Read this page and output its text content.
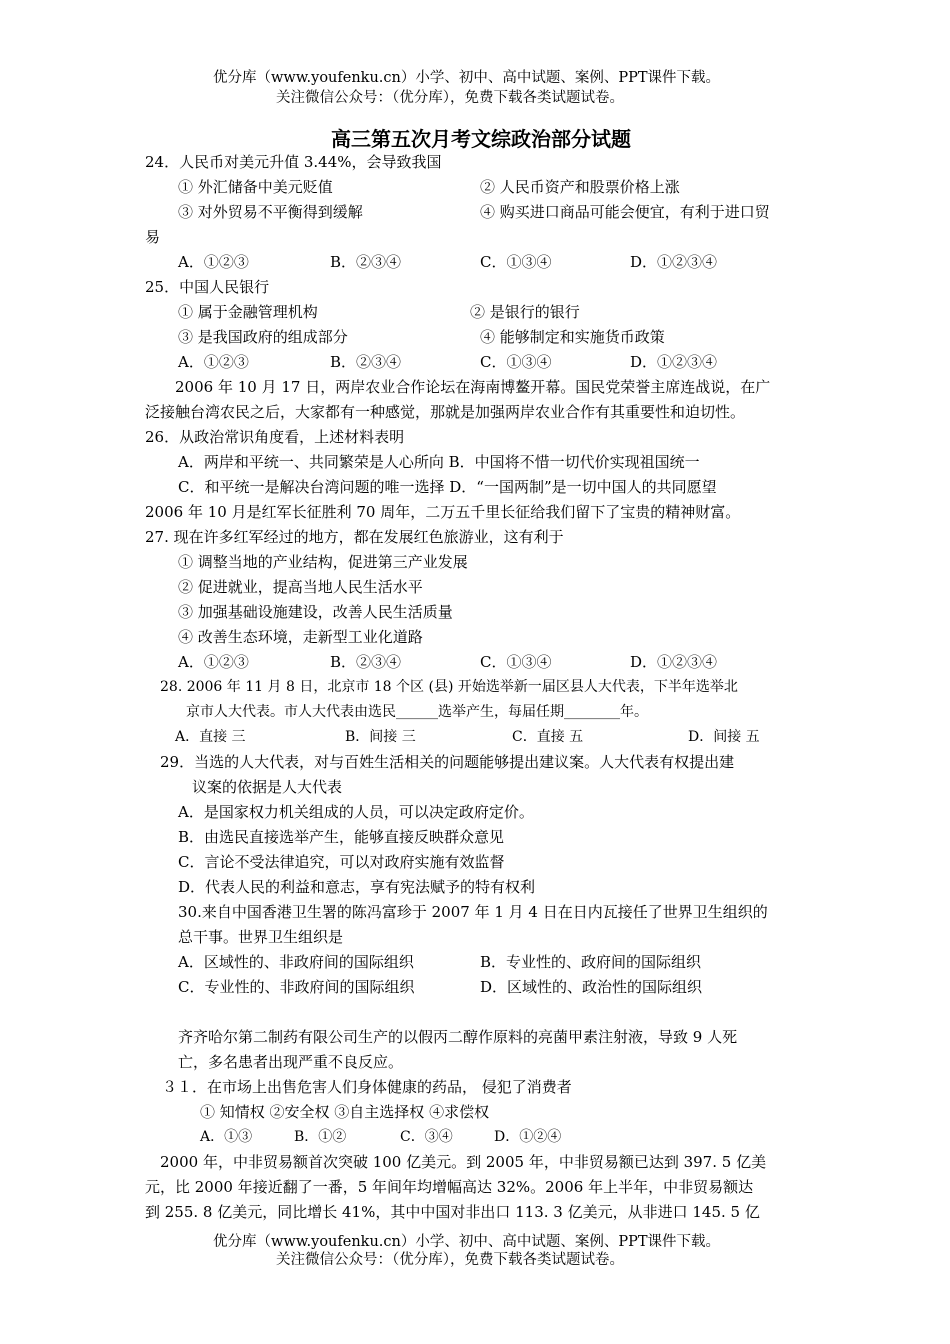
优分库（www.youfenku.cn）小学、初中、高中试题、案例、PPT课件下载。
关注微信公众号：（优分库），免费下载各类试题试卷。
高三第五次月考文综政治部分试题
24．人民币对美元升值 3.44%，会导致我国
① 外汇储备中美元贬值	② 人民币资产和股票价格上涨
③ 对外贸易不平衡得到缓解	④ 购买进口商品可能会便宜，有利于进口贸
易
A．①②③	B．②③④	C．①③④	D．①②③④
25．中国人民银行
① 属于金融管理机构	② 是银行的银行
③ 是我国政府的组成部分	④ 能够制定和实施货币政策
A．①②③	B．②③④	C．①③④	D．①②③④
2006 年 10 月 17 日，两岸农业合作论坛在海南博鳌开幕。国民党荣誉主席连战说，在广
泛接触台湾农民之后，大家都有一种感觉，那就是加强两岸农业合作有其重要性和迫切性。
26．从政治常识角度看，上述材料表明
A．两岸和平统一、共同繁荣是人心所向 B．中国将不惜一切代价实现祖国统一
C．和平统一是解决台湾问题的唯一选择 D．“一国两制”是一切中国人的共同愿望
2006 年 10 月是红军长征胜利 70 周年，二万五千里长征给我们留下了宝贵的精神财富。
27. 现在许多红军经过的地方，都在发展红色旅游业，这有利于
① 调整当地的产业结构，促进第三产业发展
② 促进就业，提高当地人民生活水平
③ 加强基础设施建设，改善人民生活质量
④ 改善生态环境，走新型工业化道路
A．①②③	B．②③④	C．①③④	D．①②③④
28. 2006 年 11 月 8 日，北京市 18 个区 (县) 开始选举新一届区县人大代表，下半年选举北
京市人大代表。市人大代表由选民______选举产生，每届任期________年。
A．直接 三	B．间接 三	C．直接 五	D．间接 五
29．当选的人大代表，对与百姓生活相关的问题能够提出建议案。人大代表有权提出建
议案的依据是人大代表
A．是国家权力机关组成的人员，可以决定政府定价。
B．由选民直接选举产生，能够直接反映群众意见
C．言论不受法律追究，可以对政府实施有效监督
D．代表人民的利益和意志，享有宪法赋予的特有权利
30.来自中国香港卫生署的陈冯富珍于 2007 年 1 月 4 日在日内瓦接任了世界卫生组织的
总干事。世界卫生组织是
A．区域性的、非政府间的国际组织	B．专业性的、政府间的国际组织
C．专业性的、非政府间的国际组织	D．区域性的、政治性的国际组织
齐齐哈尔第二制药有限公司生产的以假丙二醇作原料的亮菌甲素注射液，导致 9 人死
亡，多名患者出现严重不良反应。
３１．在市场上出售危害人们身体健康的药品， 侵犯了消费者
① 知情权 ②安全权 ③自主选择权 ④求偿权
A．①③	B．①②	C．③④	D．①②④
2000 年，中非贸易额首次突破 100 亿美元。到 2005 年，中非贸易额已达到 397. 5 亿美
元，比 2000 年接近翻了一番，5 年间年均增幅高达 32%。2006 年上半年，中非贸易额达
到 255. 8 亿美元，同比增长 41%，其中中国对非出口 113. 3 亿美元，从非进口 145. 5 亿
优分库（www.youfenku.cn）小学、初中、高中试题、案例、PPT课件下载。
关注微信公众号：（优分库），免费下载各类试题试卷。
